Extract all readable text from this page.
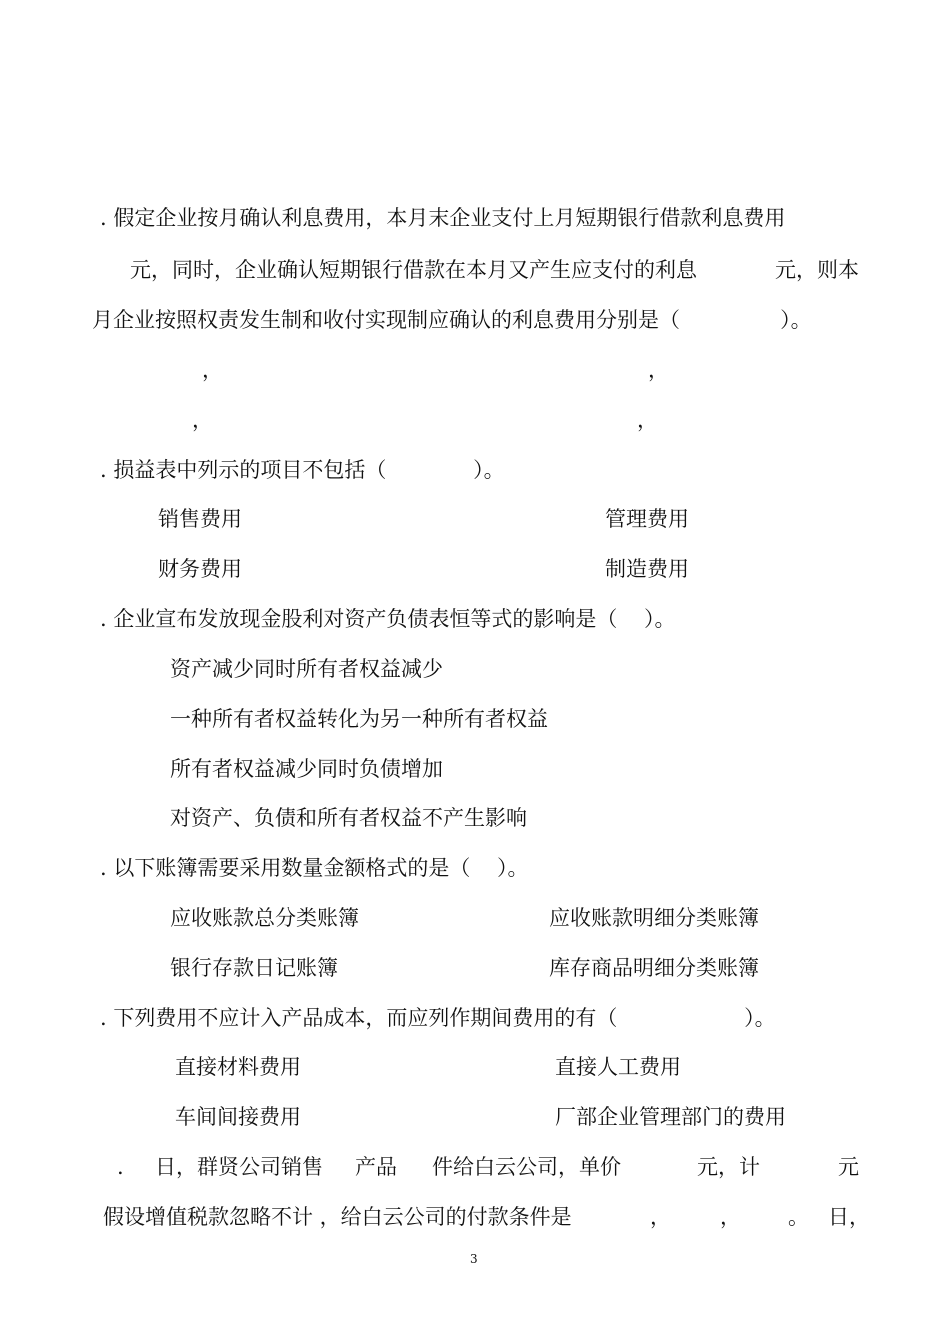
. 假定企业按月确认利息费用，本月末企业支付上月短期银行借款利息费用
元，同时，企业确认短期银行借款在本月又产生应支付的利息	元，则本
月企业按照权责发生制和收付实现制应确认的利息费用分别是（               ）。
，	，
，	，
. 损益表中列示的项目不包括（             ）。
销售费用	管理费用
财务费用	制造费用
. 企业宣布发放现金股利对资产负债表恒等式的影响是（    ）。
资产减少同时所有者权益减少
一种所有者权益转化为另一种所有者权益
所有者权益减少同时负债增加
对资产、负债和所有者权益不产生影响
. 以下账簿需要采用数量金额格式的是（    ）。
应收账款总分类账簿	应收账款明细分类账簿
银行存款日记账簿	库存商品明细分类账簿
. 下列费用不应计入产品成本，而应列作期间费用的有（                   ）。
直接材料费用	直接人工费用
车间间接费用	厂部企业管理部门的费用
. 日，群贤公司销售 产品 件给白云公司，单价	元，计	元
假设增值税款忽略不计 ，给白云公司的付款条件是	， ， 。 日，
3
